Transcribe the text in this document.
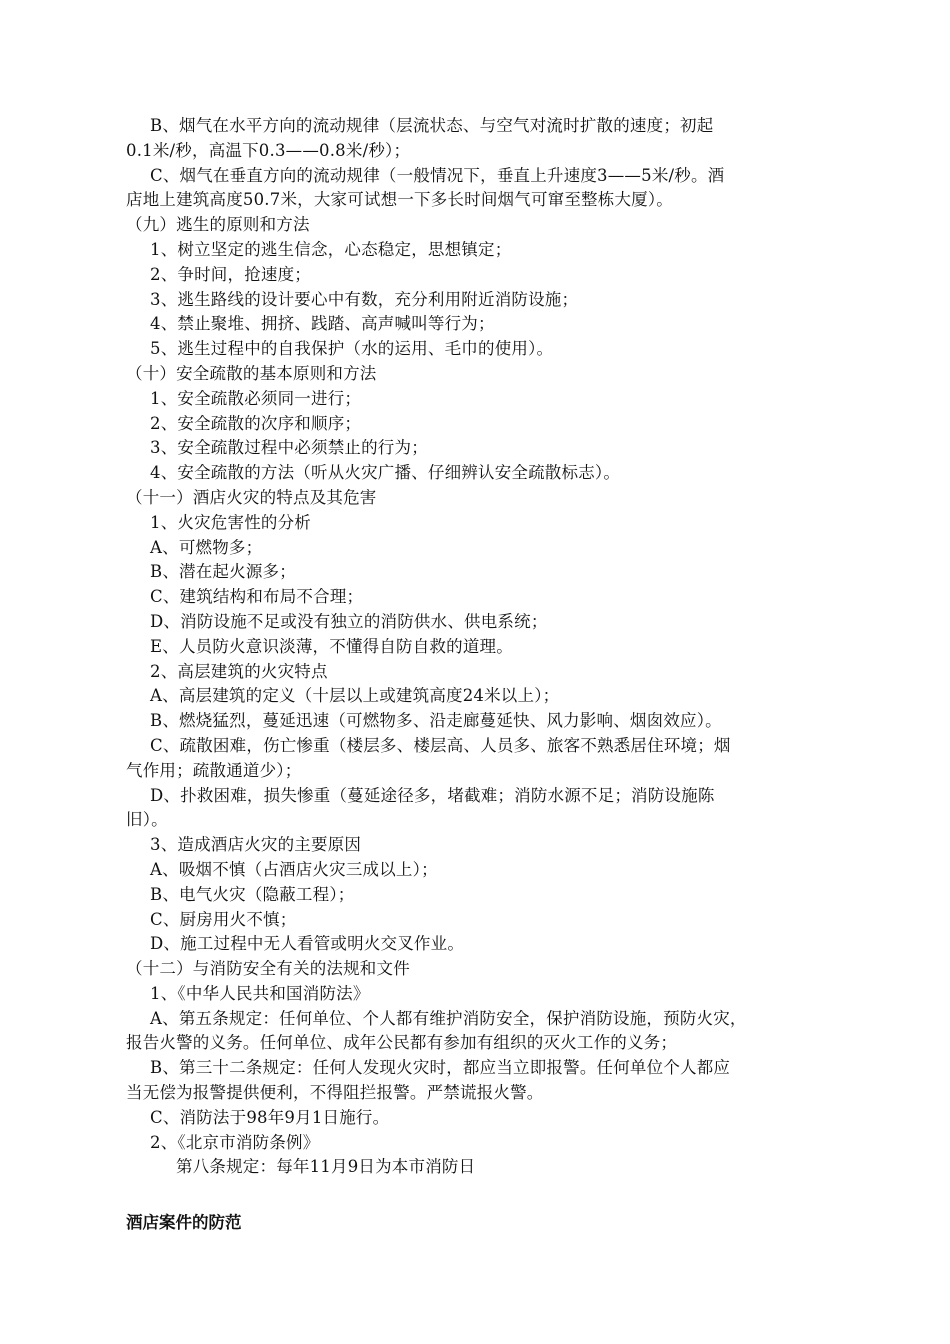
B、烟气在水平方向的流动规律（层流状态、与空气对流时扩散的速度；初起
0.1米/秒，高温下0.3——0.8米/秒）；
C、烟气在垂直方向的流动规律（一般情况下，垂直上升速度3——5米/秒。酒
店地上建筑高度50.7米，大家可试想一下多长时间烟气可窜至整栋大厦）。
（九）逃生的原则和方法
1、树立坚定的逃生信念，心态稳定，思想镇定；
2、争时间，抢速度；
3、逃生路线的设计要心中有数，充分利用附近消防设施；
4、禁止聚堆、拥挤、践踏、高声喊叫等行为；
5、逃生过程中的自我保护（水的运用、毛巾的使用）。
（十）安全疏散的基本原则和方法
1、安全疏散必须同一进行；
2、安全疏散的次序和顺序；
3、安全疏散过程中必须禁止的行为；
4、安全疏散的方法（听从火灾广播、仔细辨认安全疏散标志）。
（十一）酒店火灾的特点及其危害
1、火灾危害性的分析
A、可燃物多；
B、潜在起火源多；
C、建筑结构和布局不合理；
D、消防设施不足或没有独立的消防供水、供电系统；
E、人员防火意识淡薄，不懂得自防自救的道理。
2、高层建筑的火灾特点
A、高层建筑的定义（十层以上或建筑高度24米以上）；
B、燃烧猛烈，蔓延迅速（可燃物多、沿走廊蔓延快、风力影响、烟囱效应）。
C、疏散困难，伤亡惨重（楼层多、楼层高、人员多、旅客不熟悉居住环境；烟
气作用；疏散通道少）；
D、扑救困难，损失惨重（蔓延途径多，堵截难；消防水源不足；消防设施陈
旧）。
3、造成酒店火灾的主要原因
A、吸烟不慎（占酒店火灾三成以上）；
B、电气火灾（隐蔽工程）；
C、厨房用火不慎；
D、施工过程中无人看管或明火交叉作业。
（十二）与消防安全有关的法规和文件
1、《中华人民共和国消防法》
A、第五条规定：任何单位、个人都有维护消防安全，保护消防设施，预防火灾，
报告火警的义务。任何单位、成年公民都有参加有组织的灭火工作的义务；
B、第三十二条规定：任何人发现火灾时，都应当立即报警。任何单位个人都应
当无偿为报警提供便利，不得阻拦报警。严禁谎报火警。
C、消防法于98年9月1日施行。
2、《北京市消防条例》
第八条规定：每年11月9日为本市消防日
酒店案件的防范
